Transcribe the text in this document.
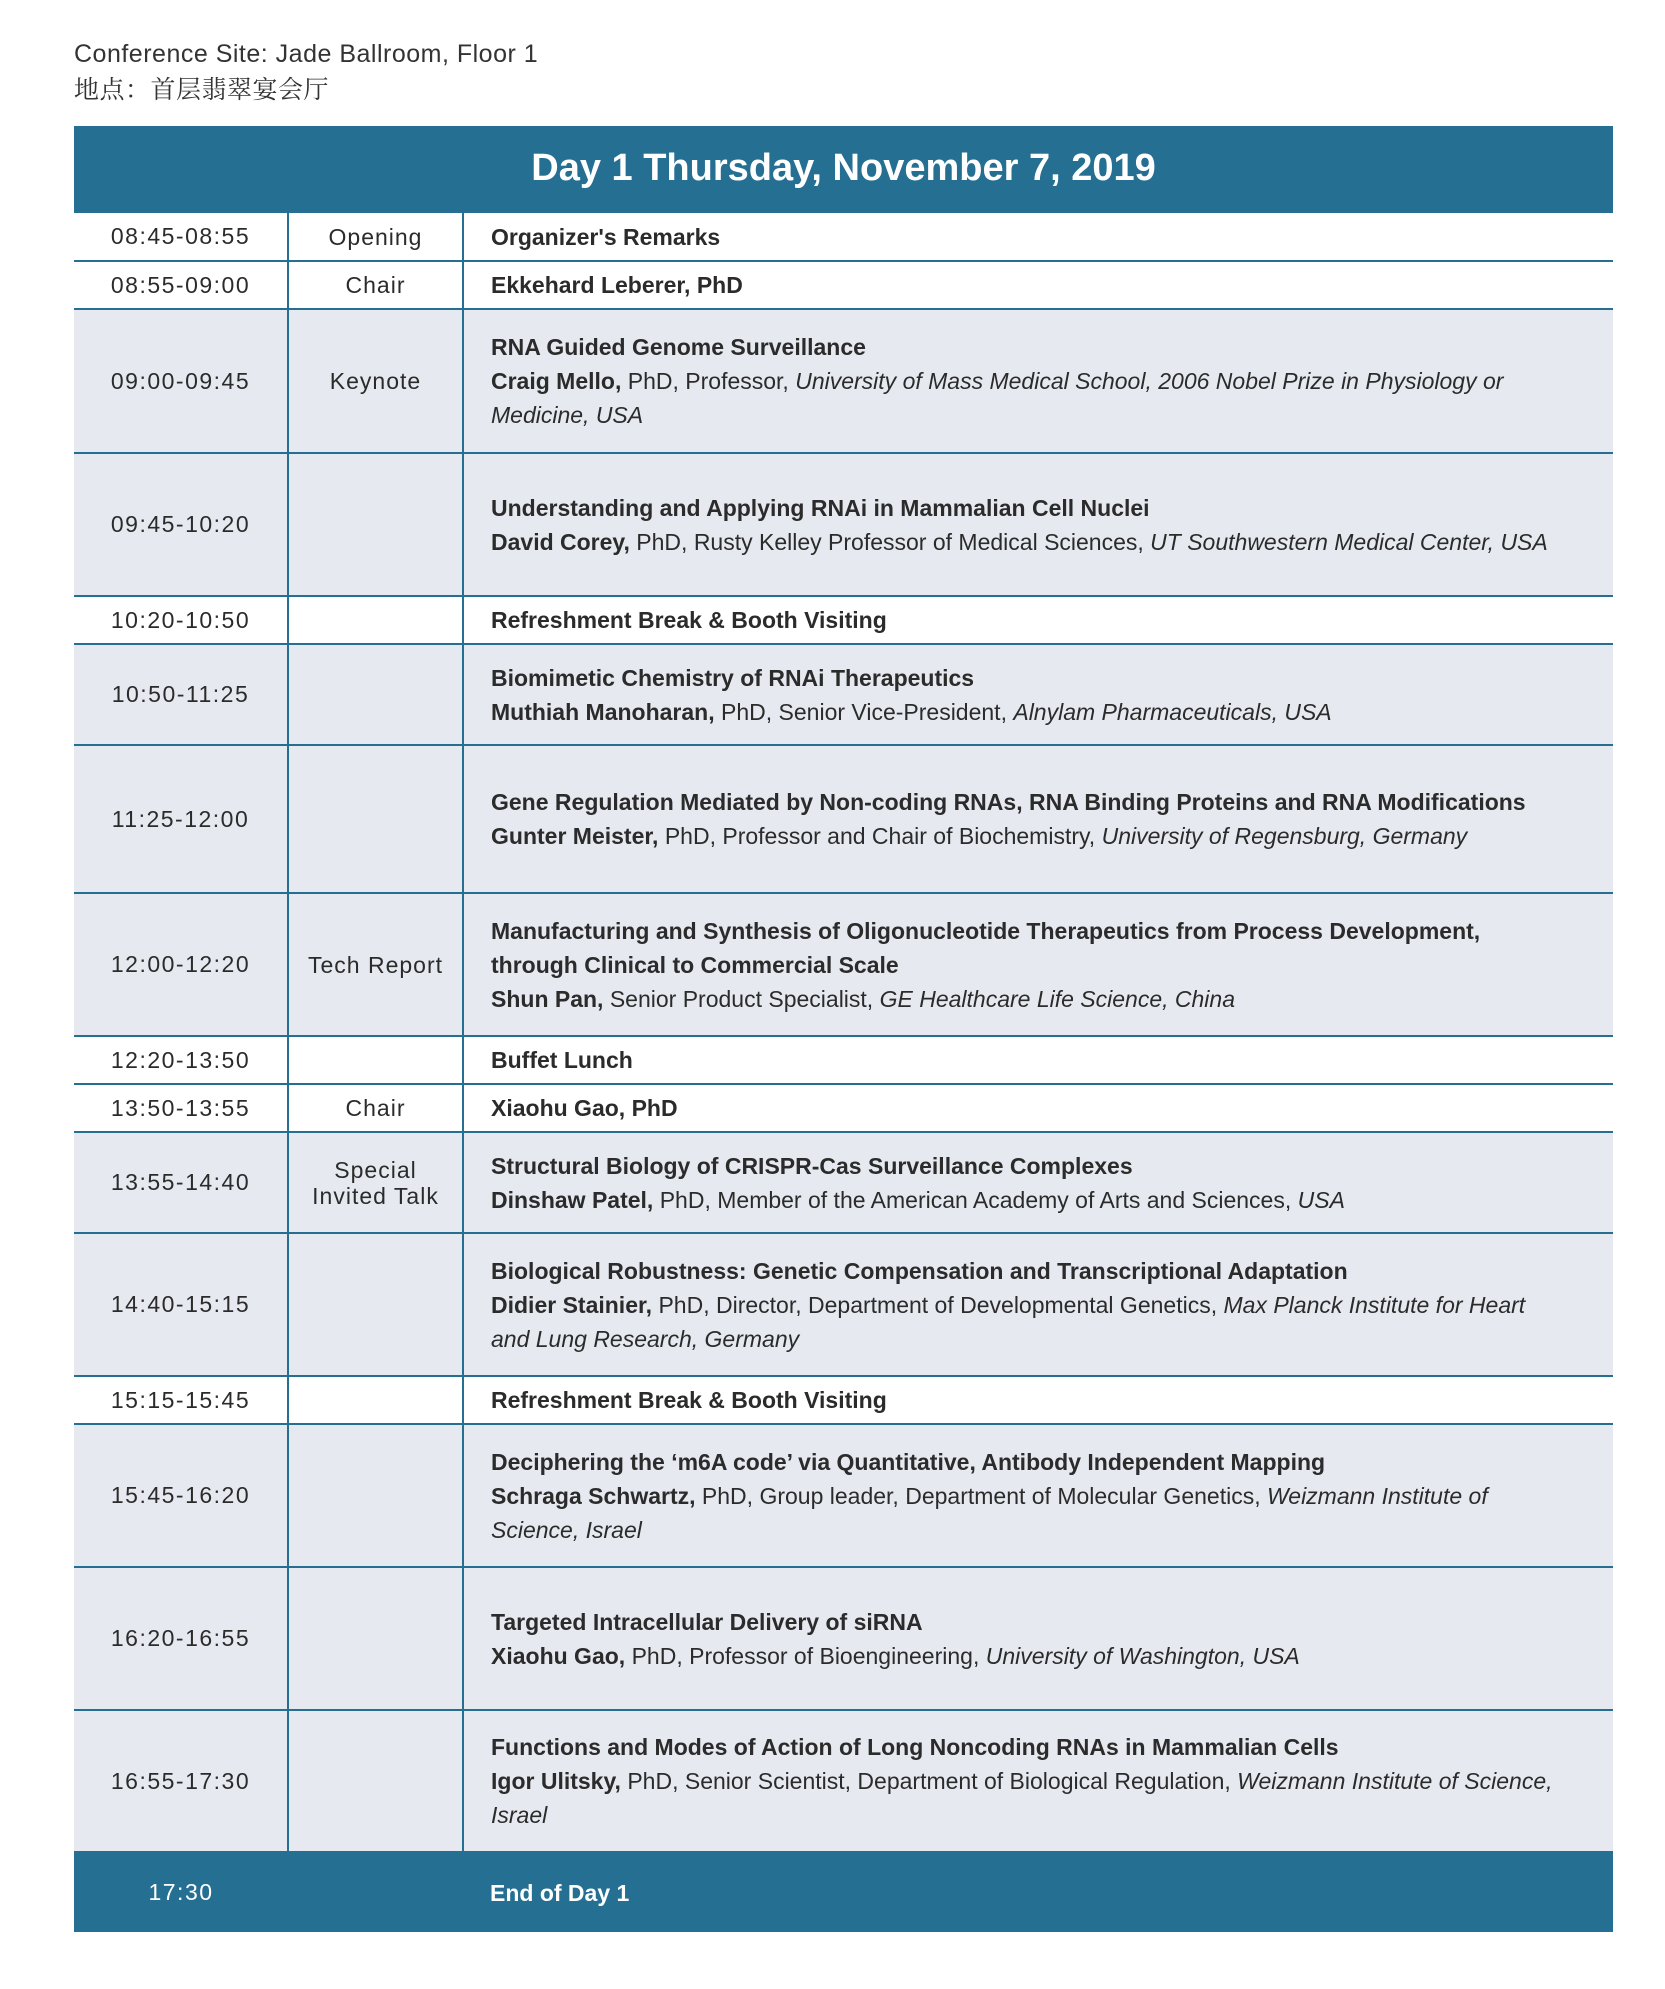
Conference Site: Jade Ballroom, Floor 1
地点：首层翡翠宴会厅
Day 1 Thursday, November 7, 2019
08:45-08:55	Opening	Organizer's Remarks

08:55-09:00	Chair	Ekkehard Leberer, PhD

09:00-09:45	Keynote	RNA Guided Genome Surveillance
Craig Mello, PhD, Professor, University of Mass Medical School, 2006 Nobel Prize in Physiology or Medicine, USA

09:45-10:20		Understanding and Applying RNAi in Mammalian Cell Nuclei
David Corey, PhD, Rusty Kelley Professor of Medical Sciences, UT Southwestern Medical Center, USA

10:20-10:50		Refreshment Break & Booth Visiting

10:50-11:25		Biomimetic Chemistry of RNAi Therapeutics
Muthiah Manoharan, PhD, Senior Vice-President, Alnylam Pharmaceuticals, USA

11:25-12:00		Gene Regulation Mediated by Non-coding RNAs, RNA Binding Proteins and RNA Modifications
Gunter Meister, PhD, Professor and Chair of Biochemistry, University of Regensburg, Germany

12:00-12:20	Tech Report	Manufacturing and Synthesis of Oligonucleotide Therapeutics from Process Development, through Clinical to Commercial Scale
Shun Pan, Senior Product Specialist, GE Healthcare Life Science, China

12:20-13:50		Buffet Lunch

13:50-13:55	Chair	Xiaohu Gao, PhD

13:55-14:40	Special Invited Talk	Structural Biology of CRISPR-Cas Surveillance Complexes
Dinshaw Patel, PhD, Member of the American Academy of Arts and Sciences, USA

14:40-15:15		Biological Robustness: Genetic Compensation and Transcriptional Adaptation
Didier Stainier, PhD, Director, Department of Developmental Genetics, Max Planck Institute for Heart and Lung Research, Germany

15:15-15:45		Refreshment Break & Booth Visiting

15:45-16:20		Deciphering the ‘m6A code’ via Quantitative, Antibody Independent Mapping
Schraga Schwartz, PhD, Group leader, Department of Molecular Genetics, Weizmann Institute of Science, Israel

16:20-16:55		Targeted Intracellular Delivery of siRNA
Xiaohu Gao, PhD, Professor of Bioengineering, University of Washington, USA

16:55-17:30		Functions and Modes of Action of Long Noncoding RNAs in Mammalian Cells
Igor Ulitsky, PhD, Senior Scientist, Department of Biological Regulation, Weizmann Institute of Science, Israel

17:30		End of Day 1
